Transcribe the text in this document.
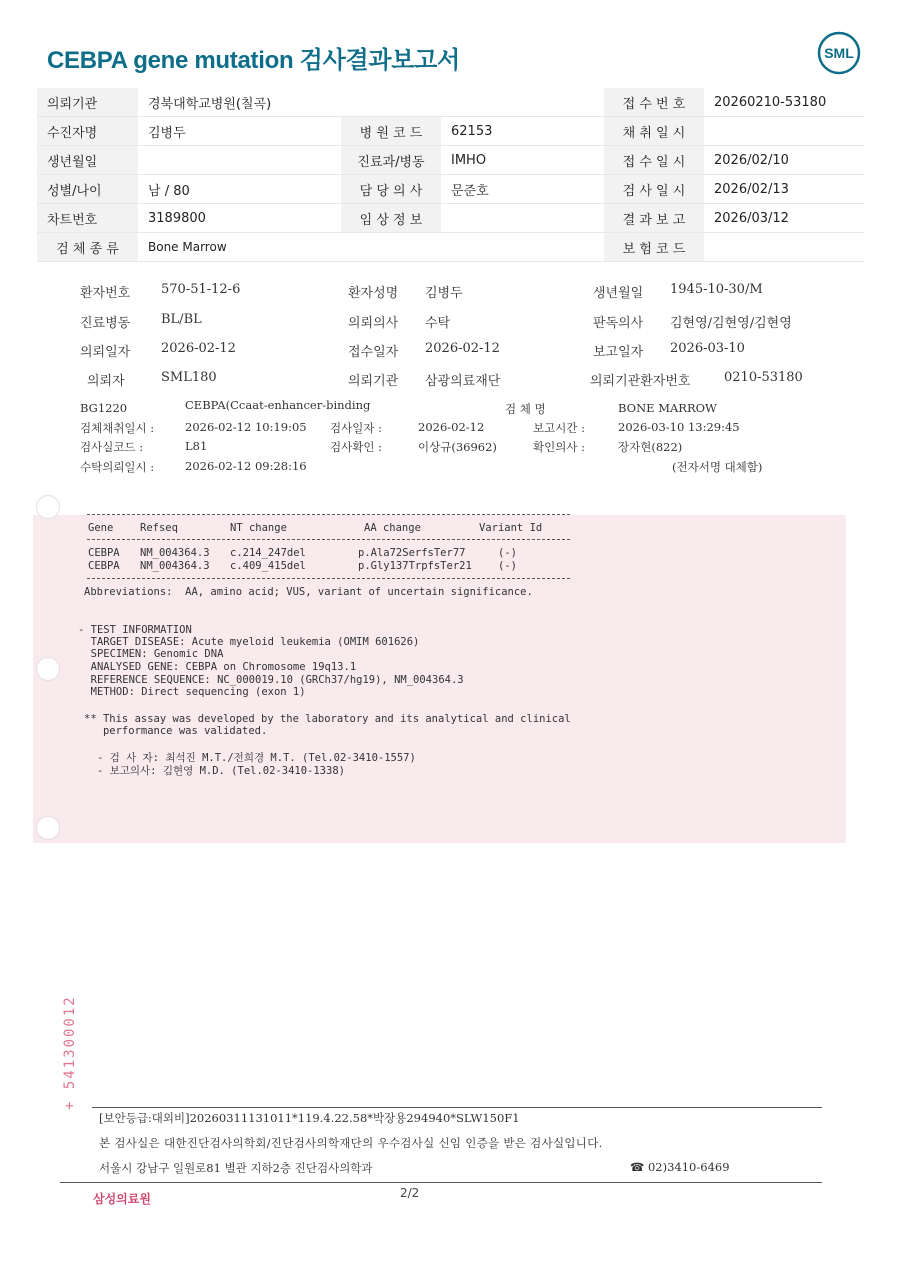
CEBPA gene mutation 검사결과보고서	SML
의뢰기관	경북대학교병원(칠곡)			접 수 번 호	20260210-53180
수진자명	김병두	병 원 코 드	62153	채 취 일 시	
생년월일		진료과/병동	IMHO	접 수 일 시	2026/02/10
성별/나이	남 / 80	담 당 의 사	문준호	검 사 일 시	2026/02/13
차트번호	3189800	임 상 정 보		결 과 보 고	2026/03/12
검 체 종 류	Bone Marrow			보 험 코 드	
환자번호 570-51-12-6	환자성명 김병두	생년월일 1945-10-30/M
진료병동 BL/BL	의뢰의사 수탁	판독의사 김현영/김현영/김현영
의뢰일자 2026-02-12	접수일자 2026-02-12	보고일자 2026-03-10
의뢰자	SML180	의뢰기관 삼광의료재단	의뢰기관환자번호	0210-53180
BG1220	CEBPA(Ccaat-enhancer-binding	검 체 명	BONE MARROW
검체채취일시 :	2026-02-12 10:19:05 검사일자 :	2026-02-12	보고시간 :	2026-03-10 13:29:45
검사실코드 :	L81	검사확인 :	이상규(36962)	확인의사 :	장자현(822)
수탁의뢰일시 :	2026-02-12 09:28:16	(전자서명 대체함)
Gene	Refseq	NT change	AA change	Variant Id
CEBPA NM_004364.3 c.214_247del	p.Ala72SerfsTer77	(-)
CEBPA NM_004364.3 c.409_415del	p.Gly137TrpfsTer21 (-)
Abbreviations:  AA, amino acid; VUS, variant of uncertain significance.
- TEST INFORMATION
TARGET DISEASE: Acute myeloid leukemia (OMIM 601626)
SPECIMEN: Genomic DNA
ANALYSED GENE: CEBPA on Chromosome 19q13.1
REFERENCE SEQUENCE: NC_000019.10 (GRCh37/hg19), NM_004364.3
METHOD: Direct sequencing (exon 1)
** This assay was developed by the laboratory and its analytical and clinical
performance was validated.
- 검 사 자: 최석진 M.T./전희경 M.T. (Tel.02-3410-1557)
- 보고의사: 김현영 M.D. (Tel.02-3410-1338)
+ 541300012
[보안등급:대외비]20260311131011*119.4.22.58*박장용294940*SLW150F1
본 검사실은 대한진단검사의학회/진단검사의학재단의 우수검사실 신임 인증을 받은 검사실입니다.
서울시 강남구 일원로81 별관 지하2층 진단검사의학과	☎ 02)3410-6469
삼성의료원	2/2
